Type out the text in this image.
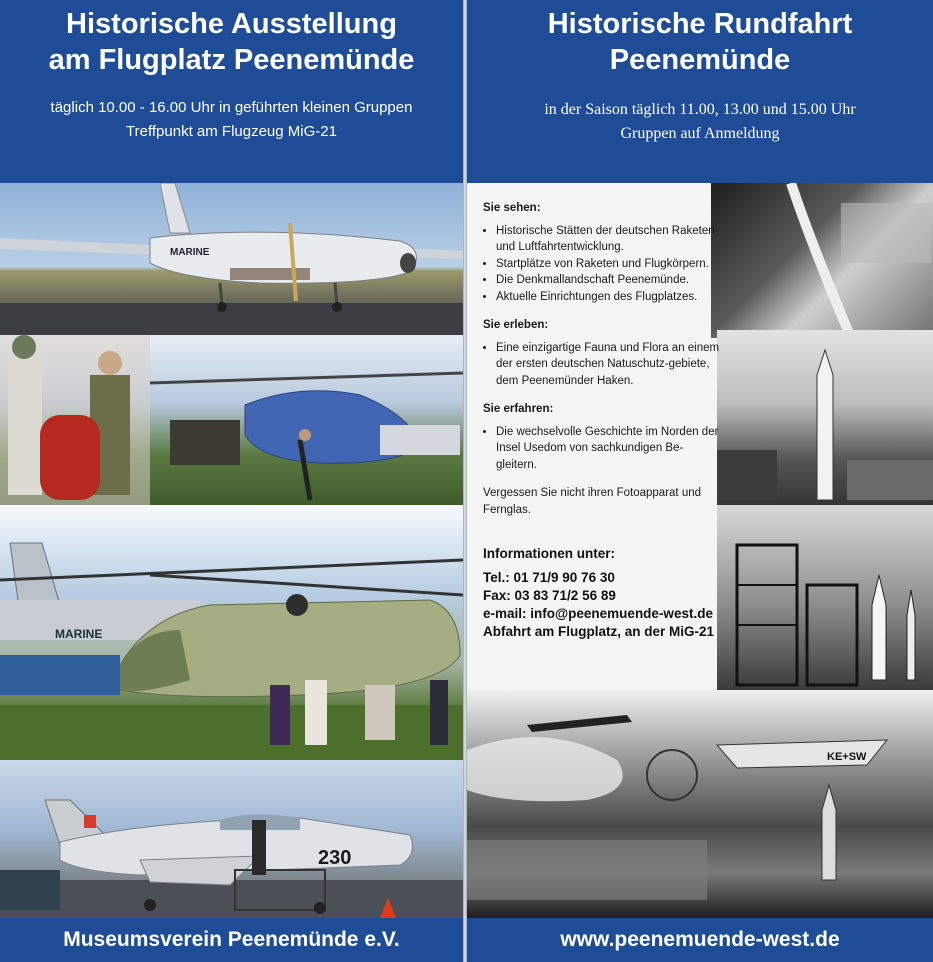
Historische Ausstellung
am Flugplatz Peenemünde

täglich 10.00 - 16.00 Uhr in geführten kleinen Gruppen

Treffpunkt am Flugzeug MiG-21

MARINE
MARINE
230
Museumsverein Peenemünde e.V.
Historische Rundfahrt
Peenemünde

in der Saison täglich 11.00, 13.00 und 15.00 Uhr

Gruppen auf Anmeldung

KE+SW
Sie sehen:
• Historische Stätten der deutschen Raketen- und Luftfahrtentwicklung.
• Startplätze von Raketen und Flugkörpern.
• Die Denkmallandschaft Peenemünde.
• Aktuelle Einrichtungen des Flugplatzes.
Sie erleben:
• Eine einzigartige Fauna und Flora an einem der ersten deutschen Natuschutz-gebiete, dem Peenemünder Haken.
Sie erfahren:
• Die wechselvolle Geschichte im Norden der Insel Usedom von sachkundigen Be-gleitern.

Vergessen Sie nicht ihren Fotoapparat und Fernglas.

Informationen unter:
Tel.: 01 71/9 90 76 30
Fax: 03 83 71/2 56 89
e-mail: info@peenemuende-west.de
Abfahrt am Flugplatz, an der MiG-21
www.peenemuende-west.de
